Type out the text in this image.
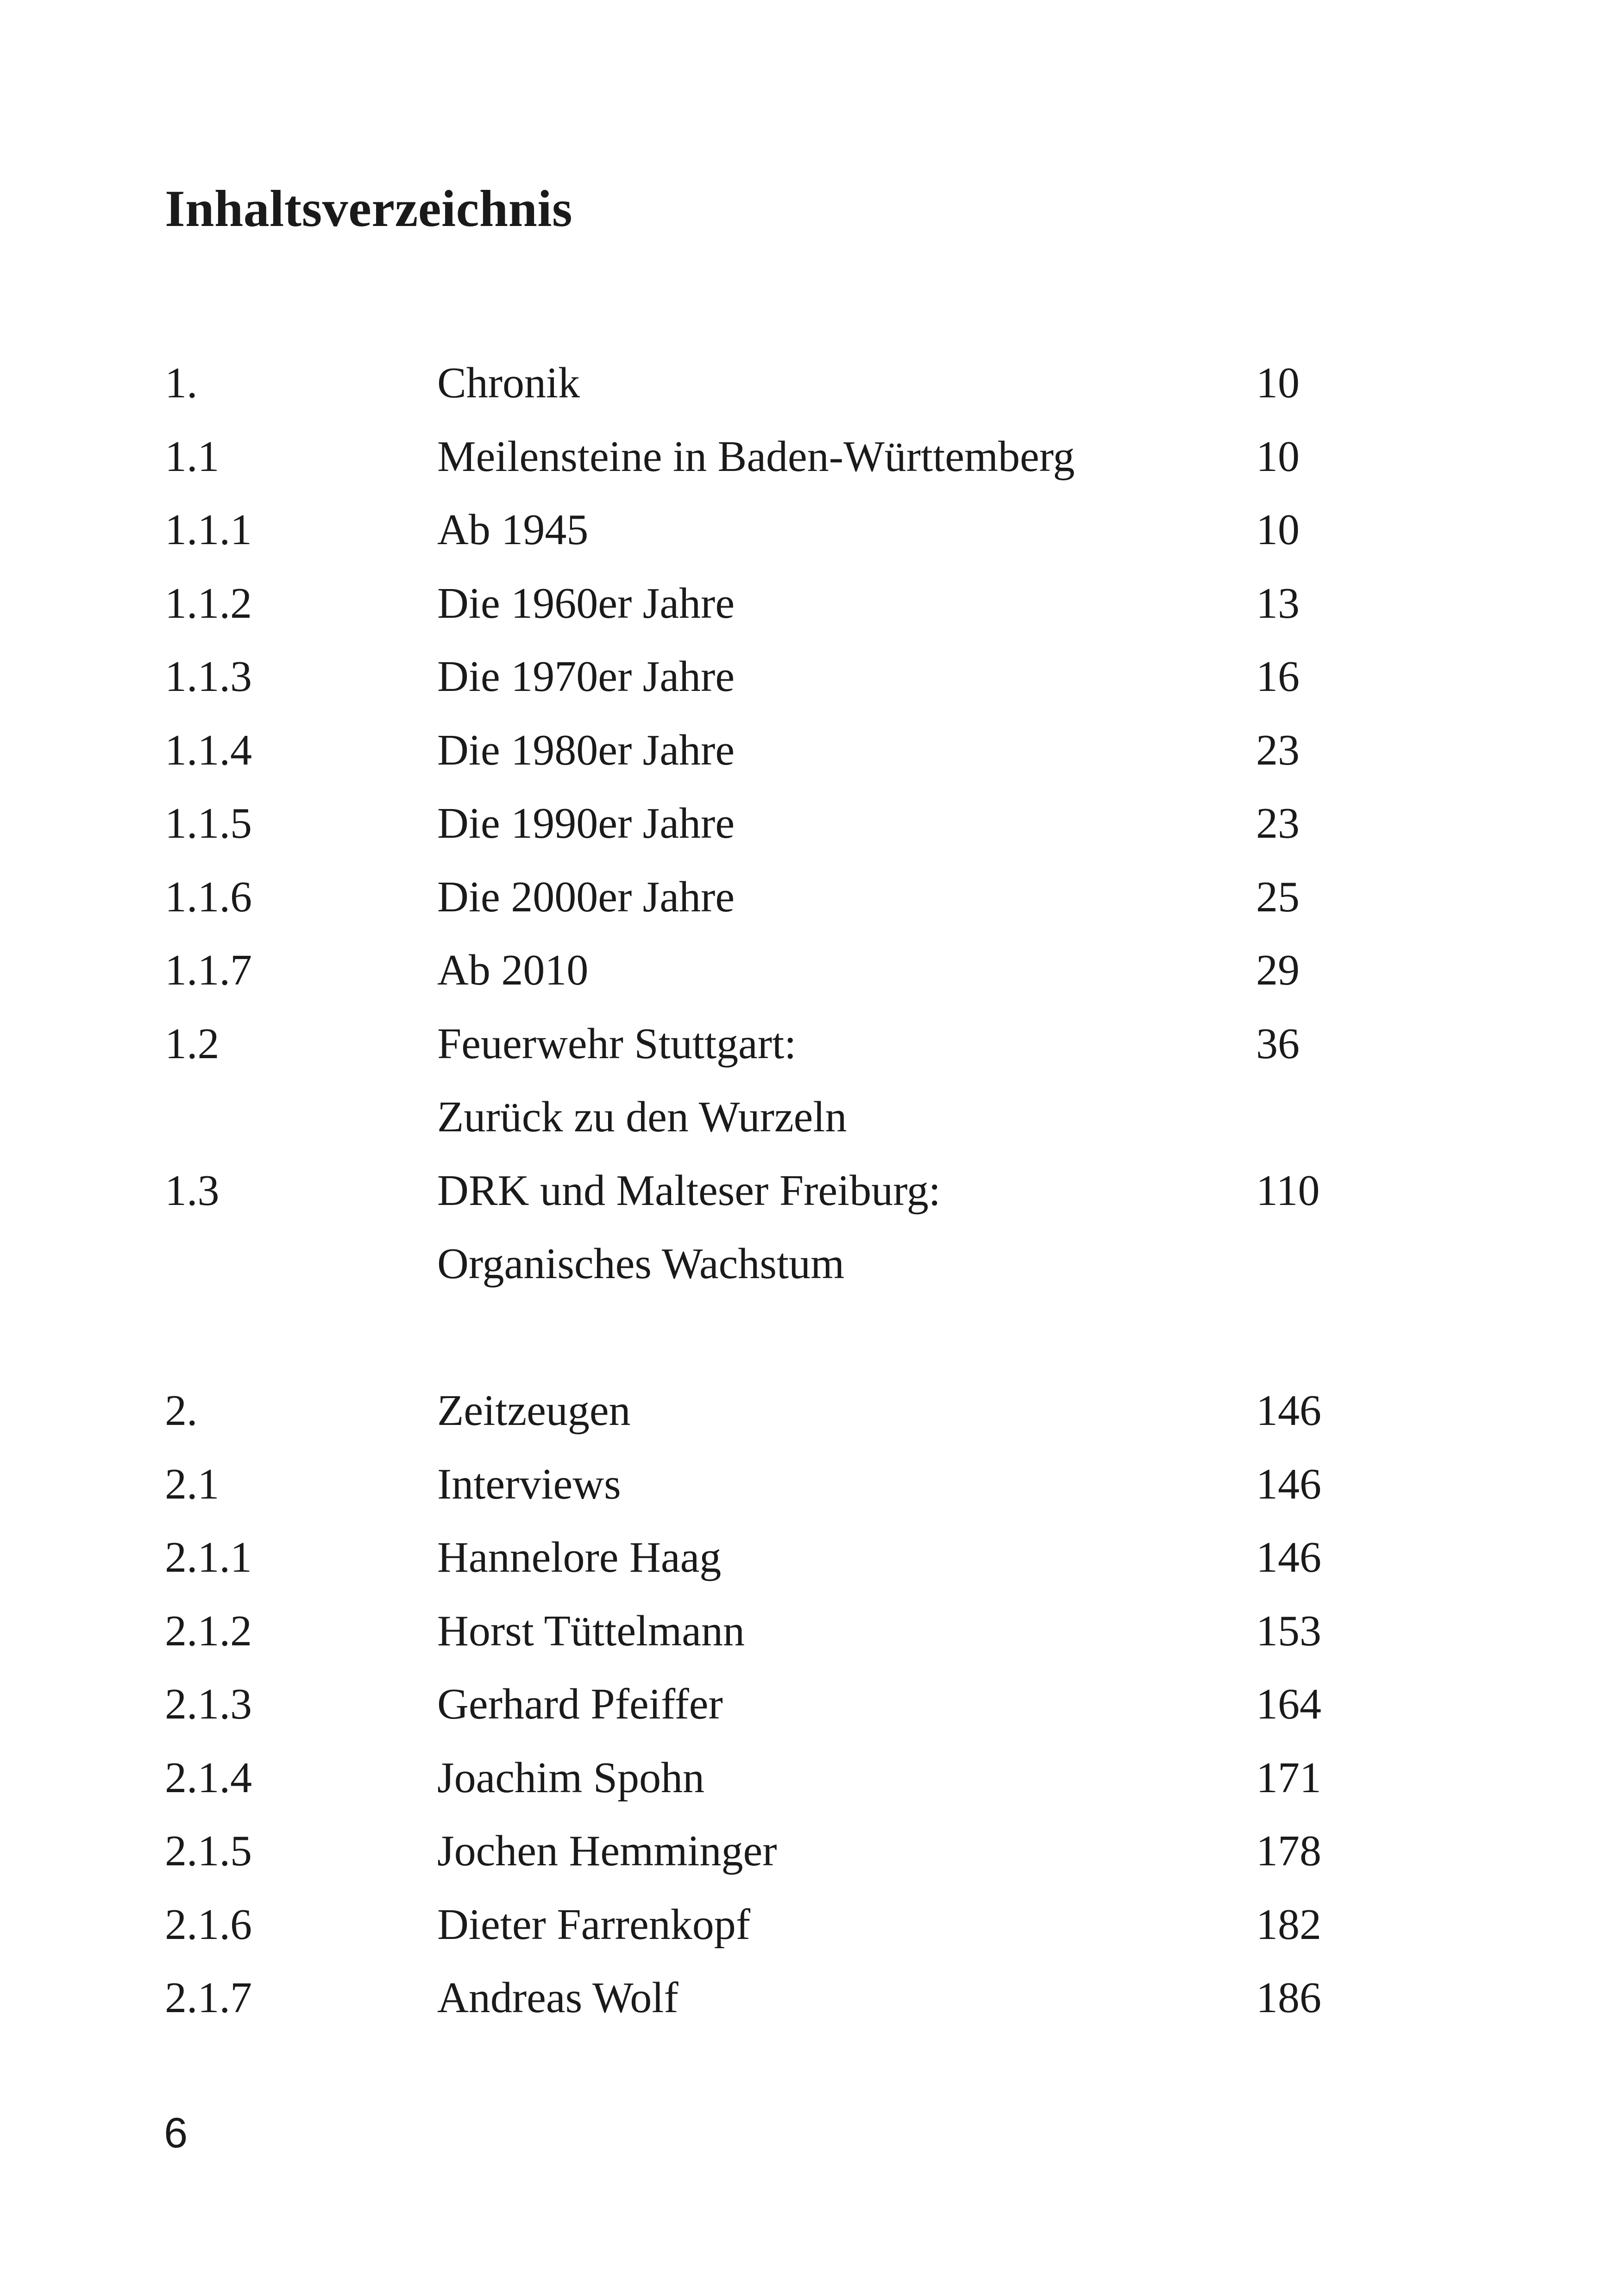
Inhaltsverzeichnis
1.	Chronik	10
1.1	Meilensteine in Baden-Württemberg	10
1.1.1	Ab 1945	10
1.1.2	Die 1960er Jahre	13
1.1.3	Die 1970er Jahre	16
1.1.4	Die 1980er Jahre	23
1.1.5	Die 1990er Jahre	23
1.1.6	Die 2000er Jahre	25
1.1.7	Ab 2010	29
1.2	Feuerwehr Stuttgart:	36
Zurück zu den Wurzeln
1.3	DRK und Malteser Freiburg:	110
Organisches Wachstum
2.	Zeitzeugen	146
2.1	Interviews	146
2.1.1	Hannelore Haag	146
2.1.2	Horst Tüttelmann	153
2.1.3	Gerhard Pfeiffer	164
2.1.4	Joachim Spohn	171
2.1.5	Jochen Hemminger	178
2.1.6	Dieter Farrenkopf	182
2.1.7	Andreas Wolf	186
6
